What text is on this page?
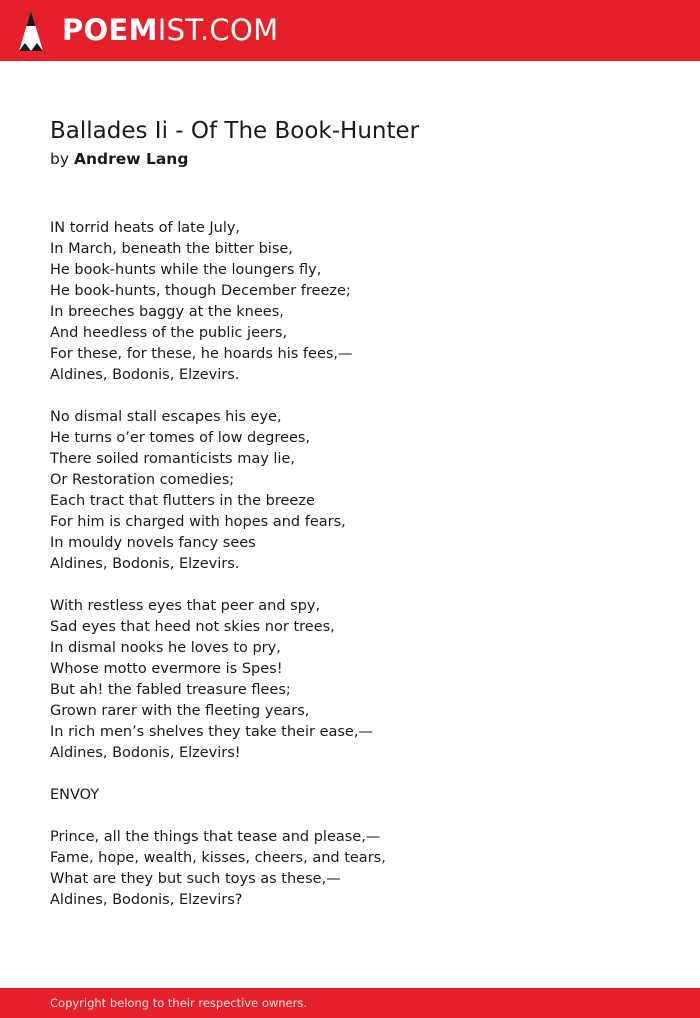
POEMIST.COM
Ballades Ii - Of The Book-Hunter
by Andrew Lang
IN torrid heats of late July,
In March, beneath the bitter bise,
He book-hunts while the loungers fly,
He book-hunts, though December freeze;
In breeches baggy at the knees,
And heedless of the public jeers,
For these, for these, he hoards his fees,—
Aldines, Bodonis, Elzevirs.
No dismal stall escapes his eye,
He turns o’er tomes of low degrees,
There soiled romanticists may lie,
Or Restoration comedies;
Each tract that flutters in the breeze
For him is charged with hopes and fears,
In mouldy novels fancy sees
Aldines, Bodonis, Elzevirs.
With restless eyes that peer and spy,
Sad eyes that heed not skies nor trees,
In dismal nooks he loves to pry,
Whose motto evermore is Spes!
But ah! the fabled treasure flees;
Grown rarer with the fleeting years,
In rich men’s shelves they take their ease,—
Aldines, Bodonis, Elzevirs!
ENVOY
Prince, all the things that tease and please,—
Fame, hope, wealth, kisses, cheers, and tears,
What are they but such toys as these,—
Aldines, Bodonis, Elzevirs?
Copyright belong to their respective owners.
